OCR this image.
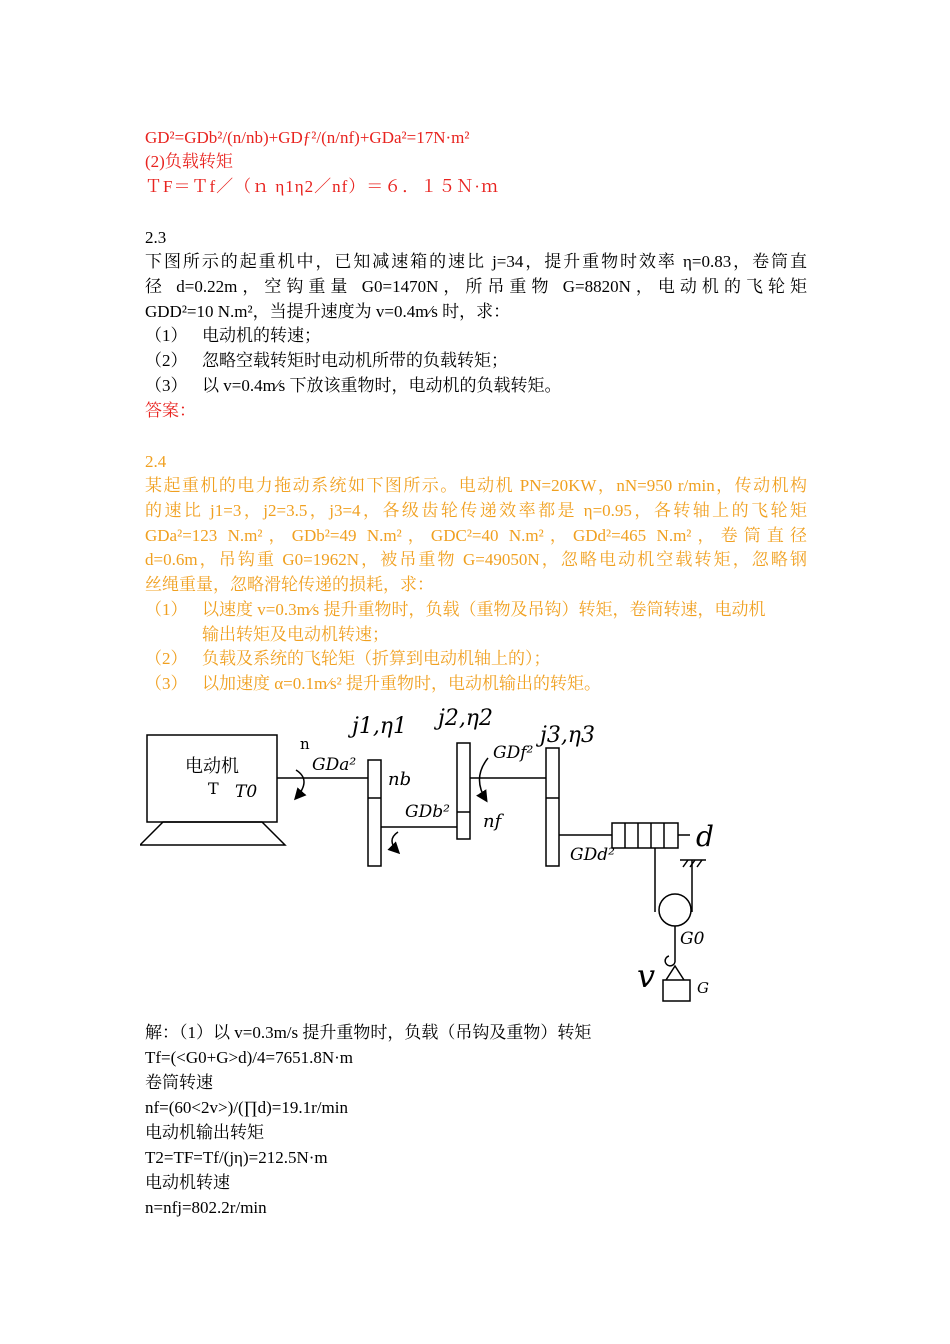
GD²=GDb²/(n/nb)+GDƒ²/(n/nf)+GDa²=17N·m²
(2)负载转矩
ＴF＝Ｔf／（ｎ η1η2／nf）＝６．１５Ｎ·ｍ
2.3
下图所示的起重机中，已知减速箱的速比 j=34，提升重物时效率 η=0.83，卷筒直
径 d=0.22m，空钩重量 G0=1470N，所吊重物 G=8820N，电动机的飞轮矩
GDD²=10 N.m²，当提升速度为 v=0.4m⁄s 时，求：
（1） 电动机的转速；
（2） 忽略空载转矩时电动机所带的负载转矩；
（3） 以 v=0.4m⁄s 下放该重物时，电动机的负载转矩。
答案：
2.4
某起重机的电力拖动系统如下图所示。电动机 PN=20KW，nN=950 r/min，传动机构
的速比 j1=3，j2=3.5，j3=4，各级齿轮传递效率都是 η=0.95，各转轴上的飞轮矩
GDa²=123 N.m²，GDb²=49 N.m²，GDC²=40 N.m²，GDd²=465 N.m²，卷筒直径
d=0.6m，吊钩重 G0=1962N，被吊重物 G=49050N，忽略电动机空载转矩，忽略钢
丝绳重量，忽略滑轮传递的损耗，求：
（1） 以速度 v=0.3m⁄s 提升重物时，负载（重物及吊钩）转矩，卷筒转速，电动机
输出转矩及电动机转速；
（2） 负载及系统的飞轮矩（折算到电动机轴上的）；
（3） 以加速度 α=0.1m⁄s² 提升重物时，电动机输出的转矩。
电动机
T T0
n
GDa²
j1,η1 j2,η2
j3,η3
nb
GDb²
GDf²
nf	d
GDd²
G0
v	G
解：（1）以 v=0.3m/s 提升重物时，负载（吊钩及重物）转矩
Tf=(<G0+G>d)/4=7651.8N·m
卷筒转速
nf=(60<2v>)/(∏d)=19.1r/min
电动机输出转矩
T2=TF=Tf/(jη)=212.5N·m
电动机转速
n=nfj=802.2r/min
